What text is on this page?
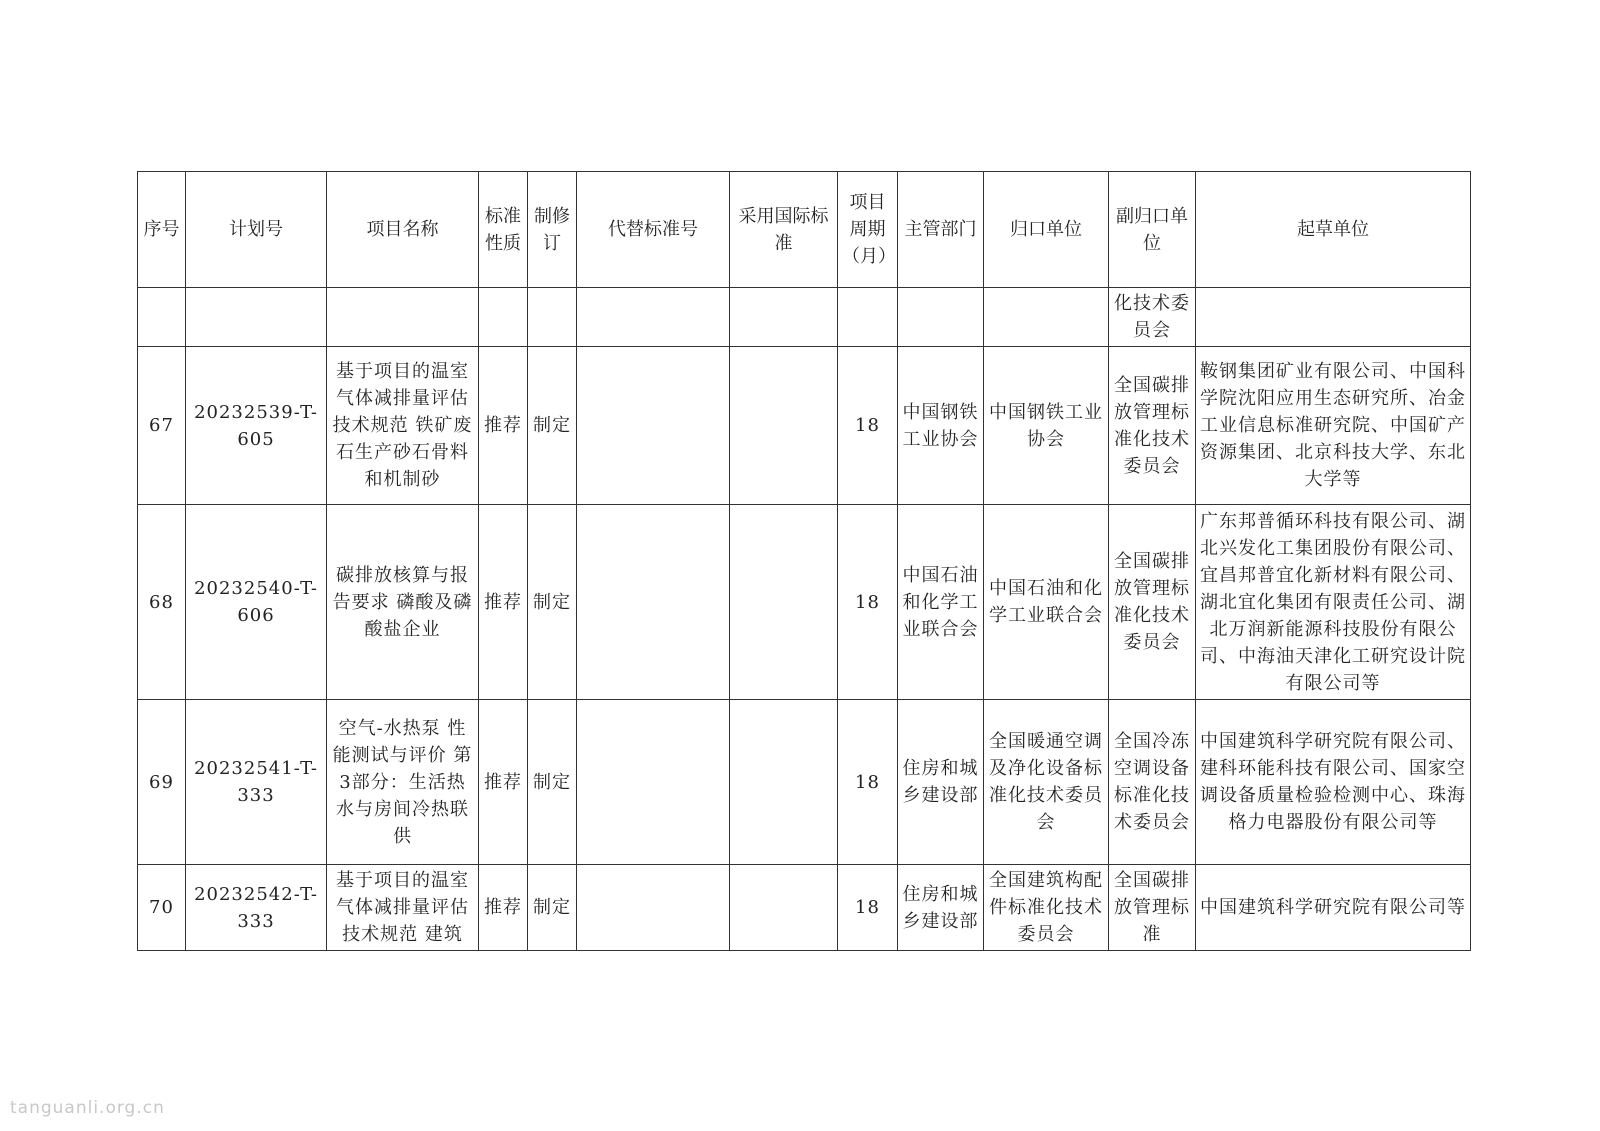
序号	计划号	项目名称	标准性质	制修订	代替标准号	采用国际标准	项目周期（月）	主管部门	归口单位	副归口单位	起草单位
										化技术委员会	
67	20232539-T-605	基于项目的温室气体减排量评估技术规范 铁矿废石生产砂石骨料和机制砂	推荐	制定			18	中国钢铁工业协会	中国钢铁工业协会	全国碳排放管理标准化技术委员会	鞍钢集团矿业有限公司、中国科学院沈阳应用生态研究所、冶金工业信息标准研究院、中国矿产资源集团、北京科技大学、东北大学等
68	20232540-T-606	碳排放核算与报告要求 磷酸及磷酸盐企业	推荐	制定			18	中国石油和化学工业联合会	中国石油和化学工业联合会	全国碳排放管理标准化技术委员会	广东邦普循环科技有限公司、湖北兴发化工集团股份有限公司、宜昌邦普宜化新材料有限公司、湖北宜化集团有限责任公司、湖北万润新能源科技股份有限公司、中海油天津化工研究设计院有限公司等
69	20232541-T-333	空气-水热泵 性能测试与评价 第3部分：生活热水与房间冷热联供	推荐	制定			18	住房和城乡建设部	全国暖通空调及净化设备标准化技术委员会	全国冷冻空调设备标准化技术委员会	中国建筑科学研究院有限公司、建科环能科技有限公司、国家空调设备质量检验检测中心、珠海格力电器股份有限公司等
70	20232542-T-333	基于项目的温室气体减排量评估技术规范 建筑	推荐	制定			18	住房和城乡建设部	全国建筑构配件标准化技术委员会	全国碳排放管理标准	中国建筑科学研究院有限公司等
tanguanli.org.cn
